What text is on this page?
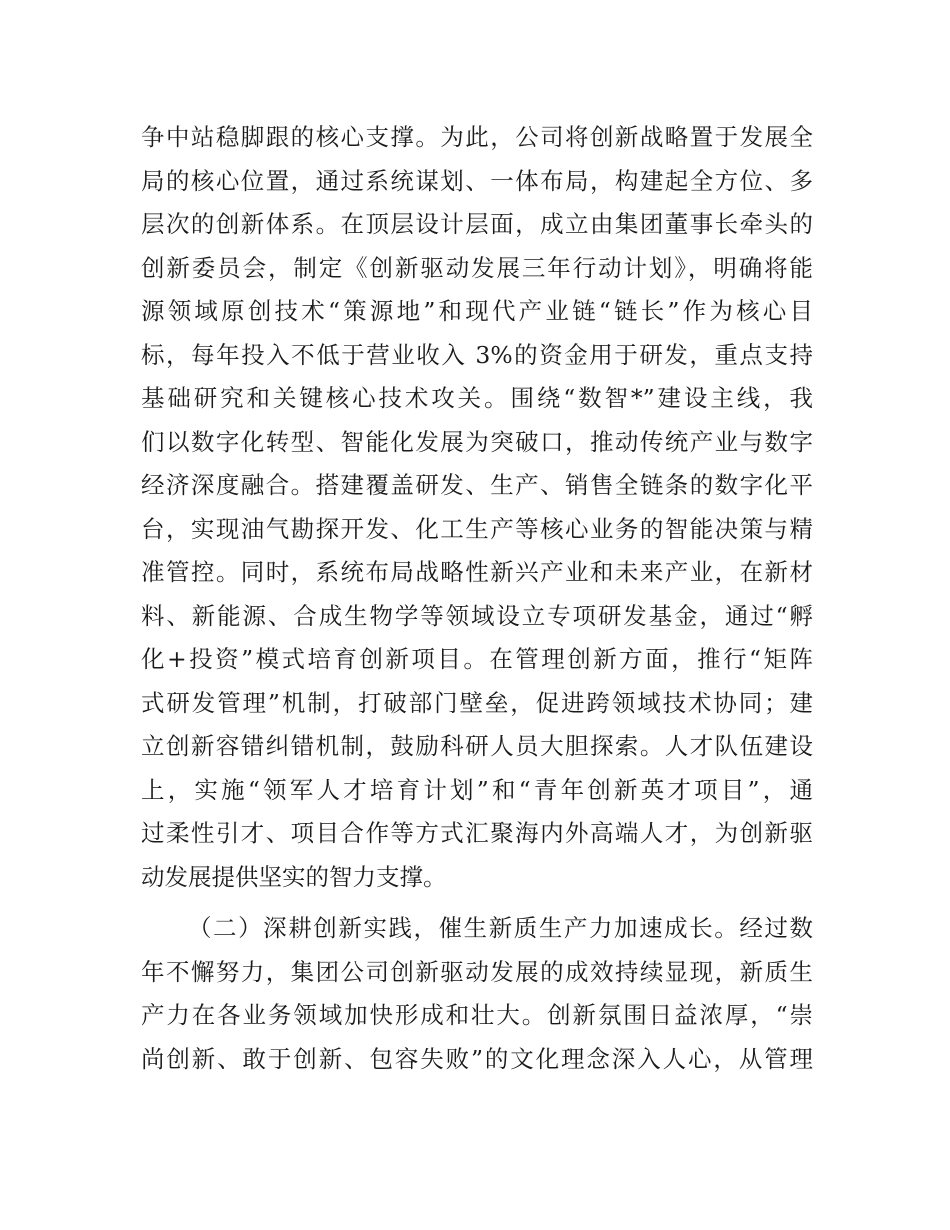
争中站稳脚跟的核心支撑。为此，公司将创新战略置于发展全
局的核心位置，通过系统谋划、一体布局，构建起全方位、多
层次的创新体系。在顶层设计层面，成立由集团董事长牵头的
创新委员会，制定《创新驱动发展三年行动计划》，明确将能
源领域原创技术“策源地”和现代产业链“链长”作为核心目
标，每年投入不低于营业收入 3%的资金用于研发，重点支持
基础研究和关键核心技术攻关。围绕“数智*”建设主线，我
们以数字化转型、智能化发展为突破口，推动传统产业与数字
经济深度融合。搭建覆盖研发、生产、销售全链条的数字化平
台，实现油气勘探开发、化工生产等核心业务的智能决策与精
准管控。同时，系统布局战略性新兴产业和未来产业，在新材
料、新能源、合成生物学等领域设立专项研发基金，通过“孵
化+投资”模式培育创新项目。在管理创新方面，推行“矩阵
式研发管理”机制，打破部门壁垒，促进跨领域技术协同；建
立创新容错纠错机制，鼓励科研人员大胆探索。人才队伍建设
上，实施“领军人才培育计划”和“青年创新英才项目”，通
过柔性引才、项目合作等方式汇聚海内外高端人才，为创新驱
动发展提供坚实的智力支撑。
（二）深耕创新实践，催生新质生产力加速成长。经过数
年不懈努力，集团公司创新驱动发展的成效持续显现，新质生
产力在各业务领域加快形成和壮大。创新氛围日益浓厚，“崇
尚创新、敢于创新、包容失败”的文化理念深入人心，从管理
